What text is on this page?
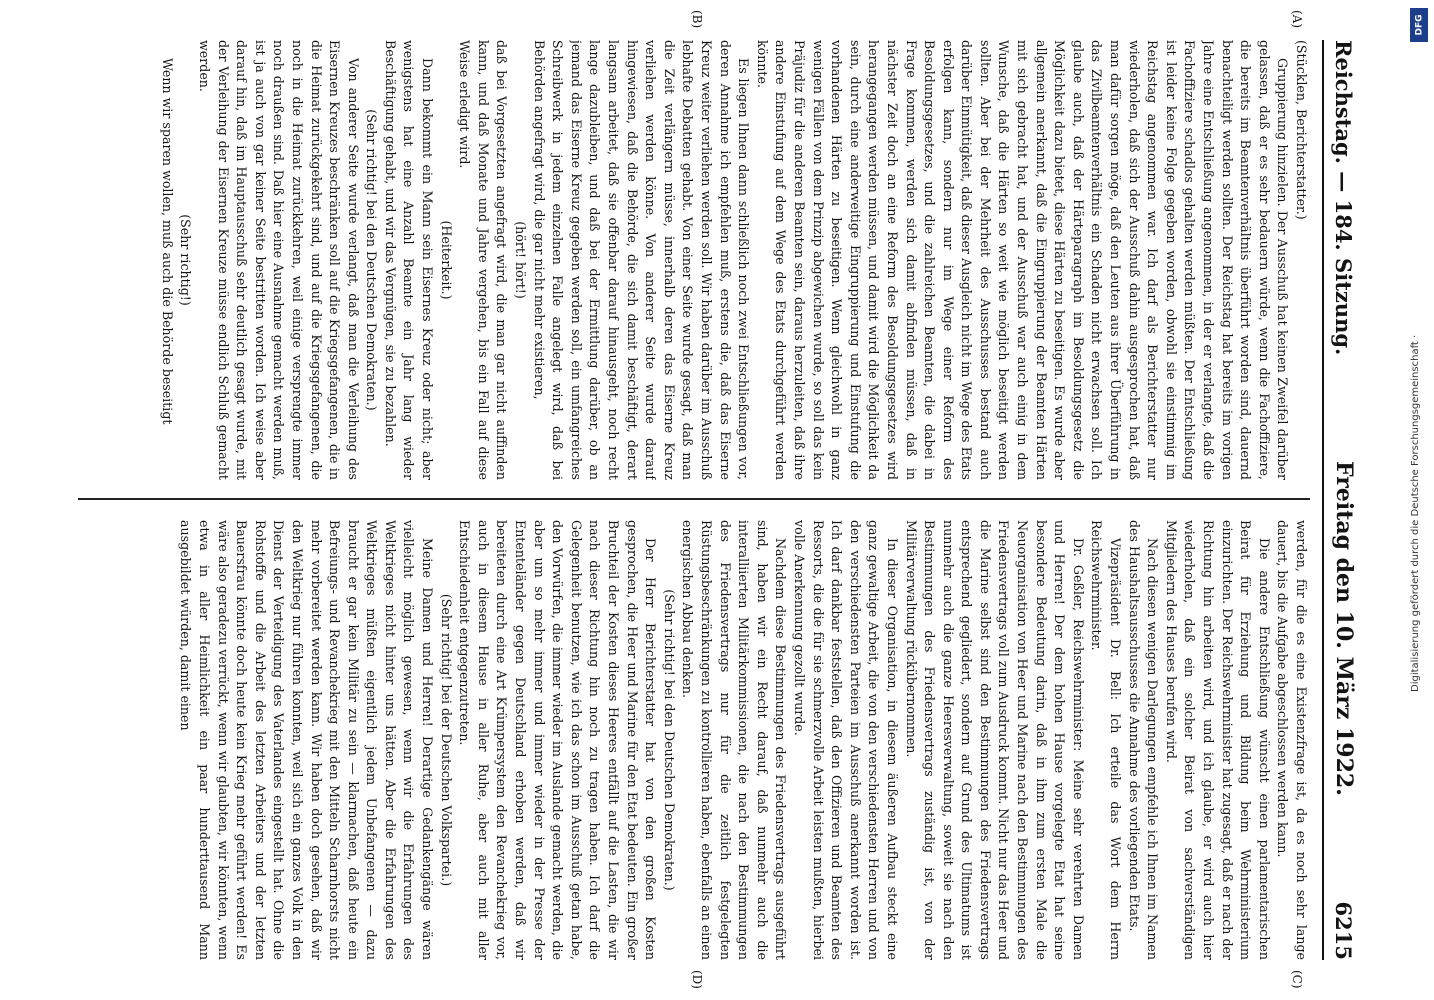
DFG
Digitalisierung gefördert durch die Deutsche Forschungsgemeinschaft ·
Reichstag. — 184. Sitzung.
Freitag den 10. März 1922.
6215
(A)
(B)
(C)
(D)

(Stücklen, Berichterstatter.)

Gruppierung hinzielen. Der Ausschuß hat keinen Zweifel darüber gelassen, daß er es sehr bedauern würde, wenn die Fachoffiziere, die bereits im Beamtenverhältnis überführt worden sind, dauernd benachteiligt werden sollten. Der Reichstag hat bereits im vorigen Jahre eine Entschließung angenommen, in der er verlangte, daß die Fachoffiziere schadlos gehalten werden müßten. Der Entschließung ist leider keine Folge gegeben worden, obwohl sie einstimmig im Reichstag angenommen war. Ich darf als Berichterstatter nur wiederholen, daß sich der Ausschuß dahin ausgesprochen hat, daß man dafür sorgen möge, daß den Leuten aus ihrer Überführung in das Zivilbeamtenverhältnis ein Schaden nicht erwachsen soll. Ich glaube auch, daß der Härteparagraph im Besoldungsgesetz die Möglichkeit dazu bietet, diese Härten zu beseitigen. Es wurde aber allgemein anerkannt, daß die Eingruppierung der Beamten Härten mit sich gebracht hat, und der Ausschuß war auch einig in dem Wunsche, daß die Härten so weit wie möglich beseitigt werden sollten. Aber bei der Mehrheit des Ausschusses bestand auch darüber Einmütigkeit, daß dieser Ausgleich nicht im Wege des Etats erfolgen kann, sondern nur im Wege einer Reform des Besoldungsgesetzes, und die zahlreichen Beamten, die dabei in Frage kommen, werden sich damit abfinden müssen, daß in nächster Zeit doch an eine Reform des Besoldungsgesetzes wird herangegangen werden müssen, und damit wird die Möglichkeit da sein, durch eine anderweitige Eingruppierung und Einstufung die vorhandenen Härten zu beseitigen. Wenn gleichwohl in ganz wenigen Fällen von dem Prinzip abgewichen wurde, so soll das kein Präjudiz für die anderen Beamten sein, daraus herzuleiten, daß ihre andere Einstufung auf dem Wege des Etats durchgeführt werden könnte.

Es liegen Ihnen dann schließlich noch zwei Entschließungen vor, deren Annahme ich empfehlen muß, erstens die, daß das Eiserne Kreuz weiter verliehen werden soll. Wir haben darüber im Ausschuß lebhafte Debatten gehabt. Von einer Seite wurde gesagt, daß man die Zeit verlängern müsse, innerhalb deren das Eiserne Kreuz verliehen werden könne. Von anderer Seite wurde darauf hingewiesen, daß die Behörde, die sich damit beschäftigt, derart langsam arbeitet, daß sie offenbar darauf hinausgeht, noch recht lange dazubleiben, und daß bei der Ermittlung darüber, ob an jemand das Eiserne Kreuz gegeben werden soll, ein umfangreiches Schreibwerk in jedem einzelnen Falle angelegt wird, daß bei Behörden angefragt wird, die gar nicht mehr existieren,

(hört! hört!)

daß bei Vorgesetzten angefragt wird, die man gar nicht auffinden kann, und daß Monate und Jahre vergehen, bis ein Fall auf diese Weise erledigt wird.

(Heiterkeit.)

Dann bekommt ein Mann sein Eisernes Kreuz oder nicht; aber wenigstens hat eine Anzahl Beamte ein Jahr lang wieder Beschäftigung gehabt, und wir das Vergnügen, sie zu bezahlen.

(Sehr richtig! bei den Deutschen Demokraten.)

Von anderer Seite wurde verlangt, daß man die Verleihung des Eisernen Kreuzes beschränken soll auf die Kriegsgefangenen, die in die Heimat zurückgekehrt sind, und auf die Kriegsgefangenen, die noch in die Heimat zurückkehren, weil einige versprengte immer noch draußen sind. Daß hier eine Ausnahme gemacht werden muß, ist ja auch von gar keiner Seite bestritten worden. Ich weise aber darauf hin, daß im Hauptausschuß sehr deutlich gesagt wurde, mit der Verleihung der Eisernen Kreuze müsse endlich Schluß gemacht werden.

(Sehr richtig!)

Wenn wir sparen wollen, muß auch die Behörde beseitigt

werden, für die es eine Existenzfrage ist, da es noch sehr lange dauert, bis die Aufgabe abgeschlossen werden kann.

Die andere Entschließung wünscht einen parlamentarischen Beirat für Erziehung und Bildung beim Wehrministerium einzurichten. Der Reichswehrminister hat zugesagt, daß er nach der Richtung hin arbeiten wird, und ich glaube, er wird auch hier wiederholen, daß ein solcher Beirat von sachverständigen Mitgliedern des Hauses berufen wird.

Nach diesen wenigen Darlegungen empfehle ich Ihnen im Namen des Haushaltsausschusses die Annahme des vorliegenden Etats.

Vizepräsident Dr. Bell: Ich erteile das Wort dem Herrn Reichswehrminister.

Dr. Geßler, Reichswehrminister: Meine sehr verehrten Damen und Herren! Der dem hohen Hause vorgelegte Etat hat seine besondere Bedeutung darin, daß in ihm zum ersten Male die Neuorganisation von Heer und Marine nach den Bestimmungen des Friedensvertrags voll zum Ausdruck kommt. Nicht nur das Heer und die Marine selbst sind den Bestimmungen des Friedensvertrags entsprechend gegliedert, sondern auf Grund des Ultimatums ist nunmehr auch die ganze Heeresverwaltung, soweit sie nach den Bestimmungen des Friedensvertrags zuständig ist, von der Militärverwaltung rückübernommen.

In dieser Organisation, in diesem äußeren Aufbau steckt eine ganz gewaltige Arbeit, die von den verschiedensten Herren und von den verschiedensten Parteien im Ausschuß anerkannt worden ist. Ich darf dankbar feststellen, daß den Offizieren und Beamten des Ressorts, die die für sie schmerzvolle Arbeit leisten mußten, hierbei volle Anerkennung gezollt wurde.

Nachdem diese Bestimmungen des Friedensvertrags ausgeführt sind, haben wir ein Recht darauf, daß nunmehr auch die interalliierten Militärkommissionen, die nach den Bestimmungen des Friedensvertrags nur für die zeitlich festgelegten Rüstungsbeschränkungen zu kontrollieren haben, ebenfalls an einen energischen Abbau denken.

(Sehr richtig! bei den Deutschen Demokraten.)

Der Herr Berichterstatter hat von den großen Kosten gesprochen, die Heer und Marine für den Etat bedeuten. Ein großer Bruchteil der Kosten dieses Heeres entfällt auf die Lasten, die wir nach dieser Richtung hin noch zu tragen haben. Ich darf die Gelegenheit benutzen, wie ich das schon im Ausschuß getan habe, den Vorwürfen, die immer wieder im Auslande gemacht werden, die aber um so mehr immer und immer wieder in der Presse der Ententeländer gegen Deutschland erhoben werden, daß wir bereiteten durch eine Art Krümpersystem den Revanchekrieg vor, auch in diesem Hause in aller Ruhe, aber auch mit aller Entschiedenheit entgegenzutreten.

(Sehr richtig! bei der Deutschen Volkspartei.)

Meine Damen und Herren! Derartige Gedankengänge wären vielleicht möglich gewesen, wenn wir die Erfahrungen des Weltkrieges nicht hinter uns hätten. Aber die Erfahrungen des Weltkrieges müßten eigentlich jedem Unbefangenen — dazu braucht er gar kein Militär zu sein — klarmachen, daß heute ein Befreiungs- und Revanchekrieg mit den Mitteln Scharnhorsts nicht mehr vorbereitet werden kann. Wir haben doch gesehen, daß wir den Weltkrieg nur führen konnten, weil sich ein ganzes Volk in den Dienst der Verteidigung des Vaterlandes eingestellt hat. Ohne die Rohstoffe und die Arbeit des letzten Arbeiters und der letzten Bauersfrau könnte doch heute kein Krieg mehr geführt werden! Es wäre also geradezu verrückt, wenn wir glaubten, wir könnten, wenn etwa in aller Heimlichkeit ein paar hunderttausend Mann ausgebildet würden, damit einen
